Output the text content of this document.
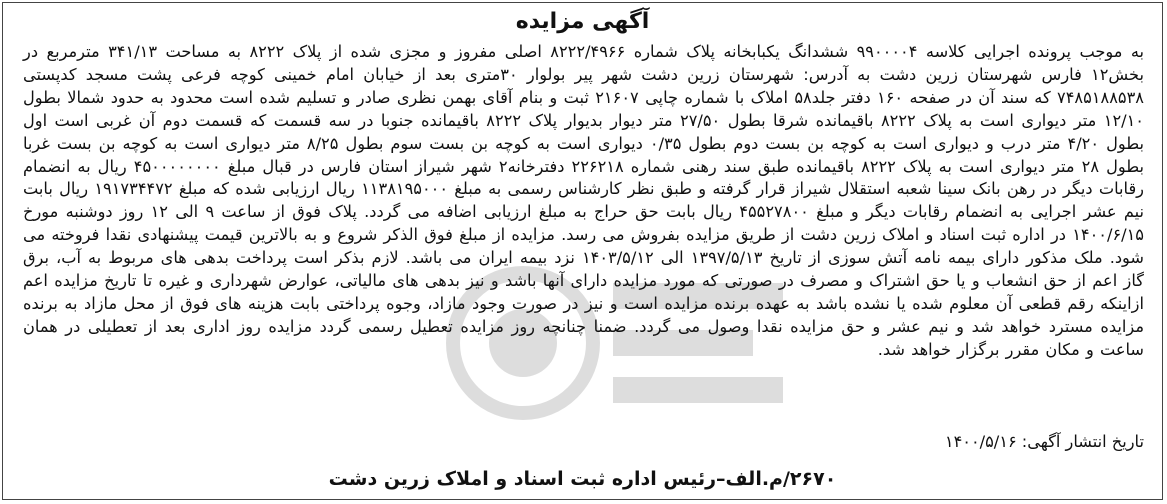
آگهی مزایده
به موجب پرونده اجرایی کلاسه ۹۹۰۰۰۰۴ ششدانگ یکبابخانه پلاک شماره ۸۲۲۲/۴۹۶۶ اصلی مفروز و مجزی شده از پلاک ۸۲۲۲ به مساحت ۳۴۱/۱۳ مترمربع در بخش۱۲ فارس شهرستان زرین دشت به آدرس: شهرستان زرین دشت شهر پیر بولوار ۳۰متری بعد از خیابان امام خمینی کوچه فرعی پشت مسجد کدپستی ۷۴۸۵۱۸۸۵۳۸ که سند آن در صفحه ۱۶۰ دفتر جلد۵۸ املاک با شماره چاپی ۲۱۶۰۷ ثبت و بنام آقای بهمن نظری صادر و تسلیم شده است محدود به حدود شمالا بطول ۱۲/۱۰ متر دیواری است به پلاک ۸۲۲۲ باقیمانده شرقا بطول ۲۷/۵۰ متر دیوار بدیوار پلاک ۸۲۲۲ باقیمانده جنوبا در سه قسمت که قسمت دوم آن غربی است اول بطول ۴/۲۰ متر درب و دیواری است به کوچه بن بست دوم بطول ۰/۳۵ دیواری است به کوچه بن بست سوم بطول ۸/۲۵ متر دیواری است به کوچه بن بست غربا بطول ۲۸ متر دیواری است به پلاک ۸۲۲۲ باقیمانده طبق سند رهنی شماره ۲۲۶۲۱۸ دفترخانه۲ شهر شیراز استان فارس در قبال مبلغ ۴۵۰۰۰۰۰۰۰۰ ریال به انضمام رقابات دیگر در رهن بانک سینا شعبه استقلال شیراز قرار گرفته و طبق نظر کارشناس رسمی به مبلغ ۱۱۳۸۱۹۵۰۰۰ ریال ارزیابی شده که مبلغ ۱۹۱۷۳۴۴۷۲ ریال بابت نیم عشر اجرایی به انضمام رقابات دیگر و مبلغ ۴۵۵۲۷۸۰۰ ریال بابت حق حراج به مبلغ ارزیابی اضافه می گردد. پلاک فوق از ساعت ۹ الی ۱۲ روز دوشنبه مورخ ۱۴۰۰/۶/۱۵ در اداره ثبت اسناد و املاک زرین دشت از طریق مزایده بفروش می رسد. مزایده از مبلغ فوق الذکر شروع و به بالاترین قیمت پیشنهادی نقدا فروخته می شود. ملک مذکور دارای بیمه نامه آتش سوزی از تاریخ ۱۳۹۷/۵/۱۳ الی ۱۴۰۳/۵/۱۲ نزد بیمه ایران می باشد. لازم بذکر است پرداخت بدهی های مربوط به آب، برق گاز اعم از حق انشعاب و یا حق اشتراک و مصرف در صورتی که مورد مزایده دارای آنها باشد و نیز بدهی های مالیاتی، عوارض شهرداری و غیره تا تاریخ مزایده اعم ازاینکه رقم قطعی آن معلوم شده یا نشده باشد به عهده برنده مزایده است و نیز در صورت وجود مازاد، وجوه پرداختی بابت هزینه های فوق از محل مازاد به برنده مزایده مسترد خواهد شد و نیم عشر و حق مزایده نقدا وصول می گردد. ضمنا چنانچه روز مزایده تعطیل رسمی گردد مزایده روز اداری بعد از تعطیلی در همان ساعت و مکان مقرر برگزار خواهد شد.
تاریخ انتشار آگهی: ۱۴۰۰/۵/۱۶
۲۶۷۰/م.الف–رئیس اداره ثبت اسناد و املاک زرین دشت
